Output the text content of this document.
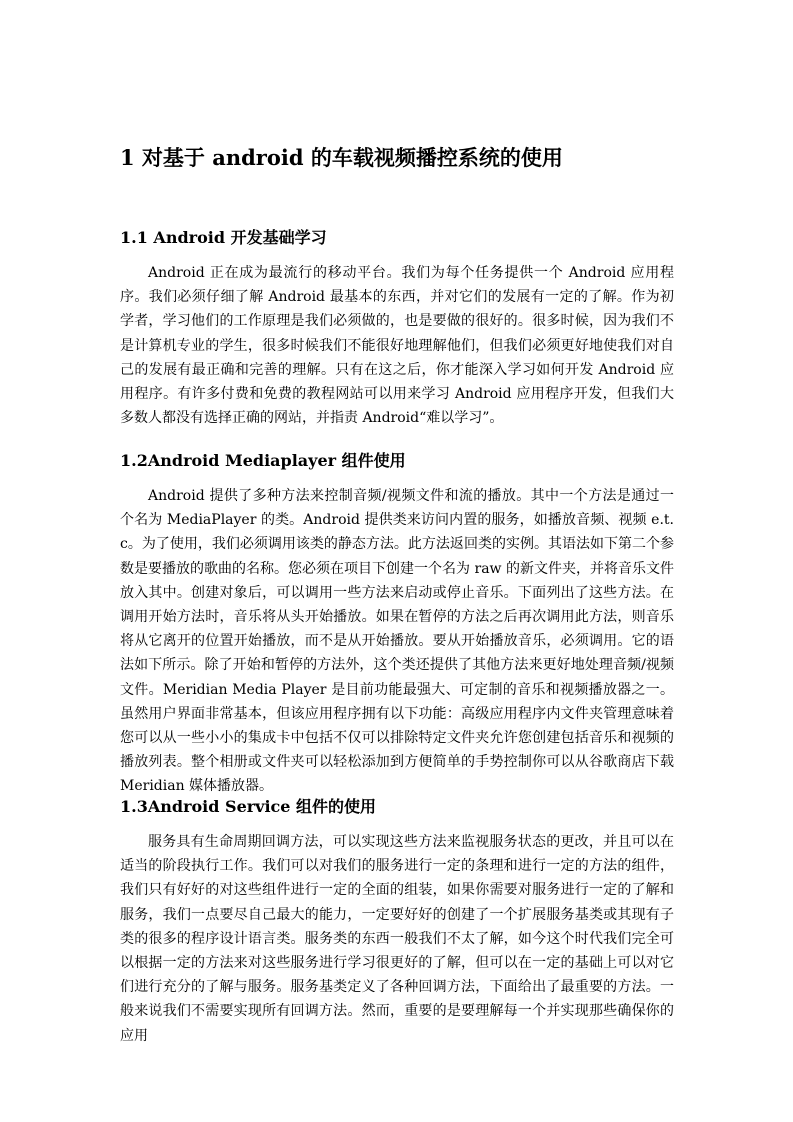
1 对基于 android 的车载视频播控系统的使用
1.1 Android 开发基础学习

Android 正在成为最流行的移动平台。我们为每个任务提供一个 Android 应用程序。我们必须仔细了解 Android 最基本的东西，并对它们的发展有一定的了解。作为初学者，学习他们的工作原理是我们必须做的，也是要做的很好的。很多时候，因为我们不是计算机专业的学生，很多时候我们不能很好地理解他们，但我们必须更好地使我们对自己的发展有最正确和完善的理解。只有在这之后，你才能深入学习如何开发 Android 应用程序。有许多付费和免费的教程网站可以用来学习 Android 应用程序开发，但我们大多数人都没有选择正确的网站，并指责 Android“难以学习”。

1.2Android Mediaplayer 组件使用

Android 提供了多种方法来控制音频/视频文件和流的播放。其中一个方法是通过一个名为 MediaPlayer 的类。Android 提供类来访问内置的服务，如播放音频、视频 e.t.c。为了使用，我们必须调用该类的静态方法。此方法返回类的实例。其语法如下第二个参数是要播放的歌曲的名称。您必须在项目下创建一个名为 raw 的新文件夹，并将音乐文件放入其中。创建对象后，可以调用一些方法来启动或停止音乐。下面列出了这些方法。在调用开始方法时，音乐将从头开始播放。如果在暂停的方法之后再次调用此方法，则音乐将从它离开的位置开始播放，而不是从开始播放。要从开始播放音乐，必须调用。它的语法如下所示。除了开始和暂停的方法外，这个类还提供了其他方法来更好地处理音频/视频文件。Meridian Media Player 是目前功能最强大、可定制的音乐和视频播放器之一。虽然用户界面非常基本，但该应用程序拥有以下功能：高级应用程序内文件夹管理意味着您可以从一些小小的集成卡中包括不仅可以排除特定文件夹允许您创建包括音乐和视频的播放列表。整个相册或文件夹可以轻松添加到方便简单的手势控制你可以从谷歌商店下载 Meridian 媒体播放器。

1.3Android Service 组件的使用

服务具有生命周期回调方法，可以实现这些方法来监视服务状态的更改，并且可以在适当的阶段执行工作。我们可以对我们的服务进行一定的条理和进行一定的方法的组件，我们只有好好的对这些组件进行一定的全面的组装，如果你需要对服务进行一定的了解和服务，我们一点要尽自己最大的能力，一定要好好的创建了一个扩展服务基类或其现有子类的很多的程序设计语言类。服务类的东西一般我们不太了解，如今这个时代我们完全可以根据一定的方法来对这些服务进行学习很更好的了解，但可以在一定的基础上可以对它们进行充分的了解与服务。服务基类定义了各种回调方法，下面给出了最重要的方法。一般来说我们不需要实现所有回调方法。然而，重要的是要理解每一个并实现那些确保你的应用
